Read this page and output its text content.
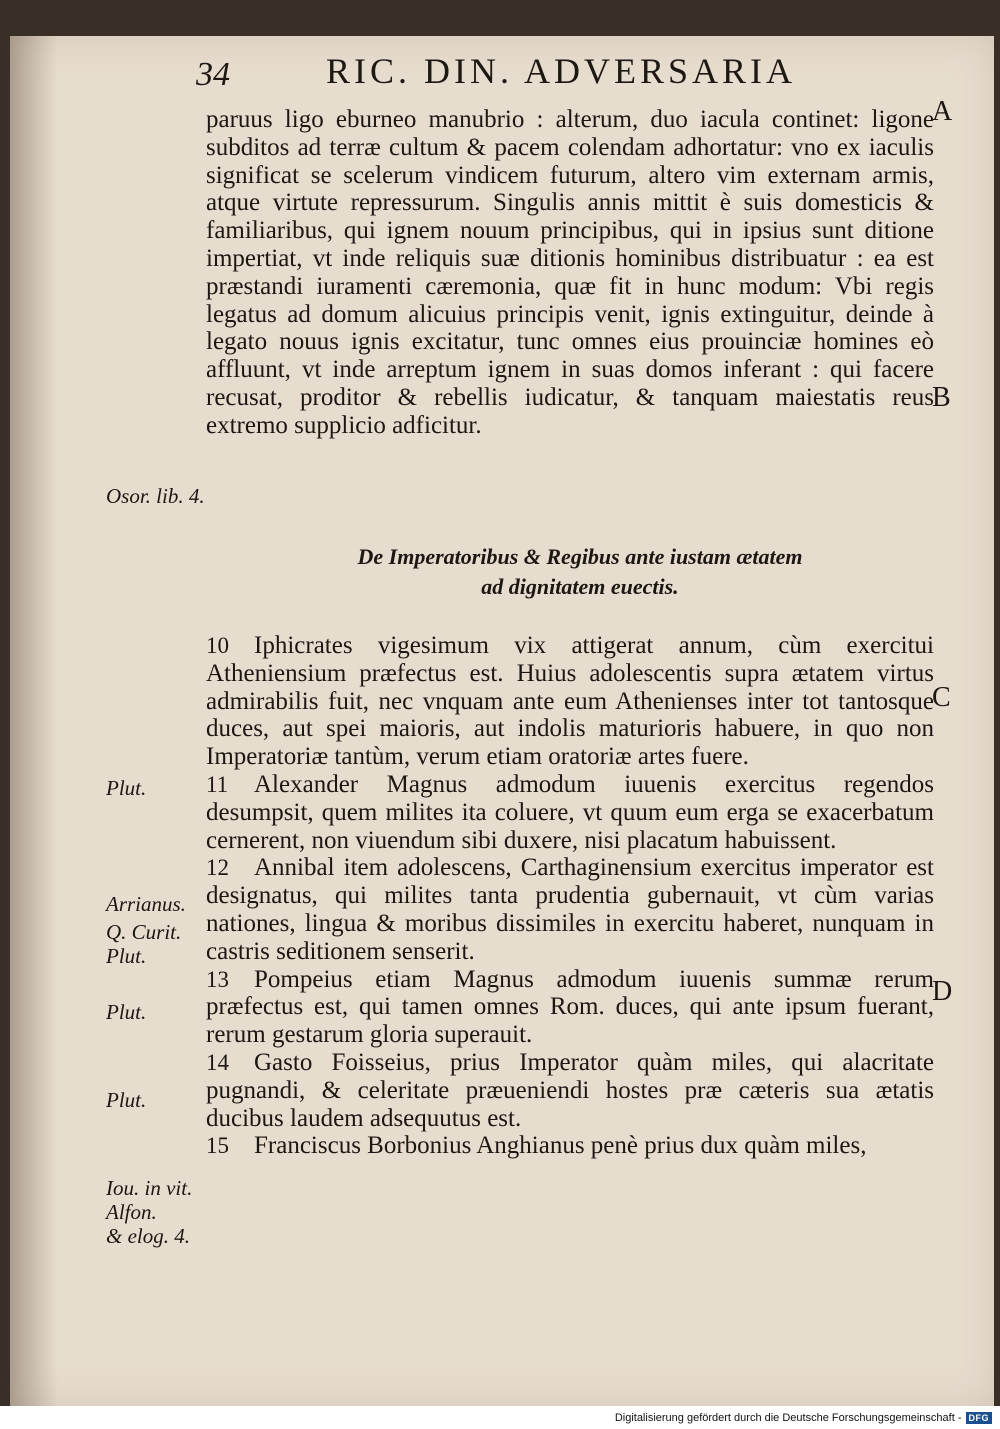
34	RIC. DIN. ADVERSARIA

paruus ligo eburneo manubrio : alterum, duo iacula continet: ligone subditos ad terræ cultum & pacem colendam adhortatur: vno ex iaculis significat se scelerum vindicem futurum, altero vim externam armis, atque virtute repressurum. Singulis annis mittit è suis domesticis & familiaribus, qui ignem nouum principibus, qui in ipsius sunt ditione impertiat, vt inde reliquis suæ ditionis hominibus distribuatur : ea est præstandi iuramenti cæremonia, quæ fit in hunc modum: Vbi regis legatus ad domum alicuius principis venit, ignis extinguitur, deinde à legato nouus ignis excitatur, tunc omnes eius prouinciæ homines eò affluunt, vt inde arreptum ignem in suas domos inferant : qui facere recusat, proditor & rebellis iudicatur, & tanquam maiestatis reus extremo supplicio adficitur.

De Imperatoribus & Regibus ante iustam ætatem
ad dignitatem euectis.

10 Iphicrates vigesimum vix attigerat annum, cùm exercitui Atheniensium præfectus est. Huius adolescentis supra ætatem virtus admirabilis fuit, nec vnquam ante eum Athenienses inter tot tantosque duces, aut spei maioris, aut indolis maturioris habuere, in quo non Imperatoriæ tantùm, verum etiam oratoriæ artes fuere.

11 Alexander Magnus admodum iuuenis exercitus regendos desumpsit, quem milites ita coluere, vt quum eum erga se exacerbatum cernerent, non viuendum sibi duxere, nisi placatum habuissent.

12 Annibal item adolescens, Carthaginensium exercitus imperator est designatus, qui milites tanta prudentia gubernauit, vt cùm varias nationes, lingua & moribus dissimiles in exercitu haberet, nunquam in castris seditionem senserit.

13 Pompeius etiam Magnus admodum iuuenis summæ rerum præfectus est, qui tamen omnes Rom. duces, qui ante ipsum fuerant, rerum gestarum gloria superauit.

14 Gasto Foisseius, prius Imperator quàm miles, qui alacritate pugnandi, & celeritate præueniendi hostes præ cæteris sua ætatis ducibus laudem adsequutus est.

15 Franciscus Borbonius Anghianus penè prius dux quàm miles,

Osor. lib. 4.
Plut.
Arrianus.
Q. Curit.
Plut.
Plut.
Plut.
Iou. in vit.
Alfon.
& elog. 4.
A
B
C
D
Digitalisierung gefördert durch die Deutsche Forschungsgemeinschaft - DFG
